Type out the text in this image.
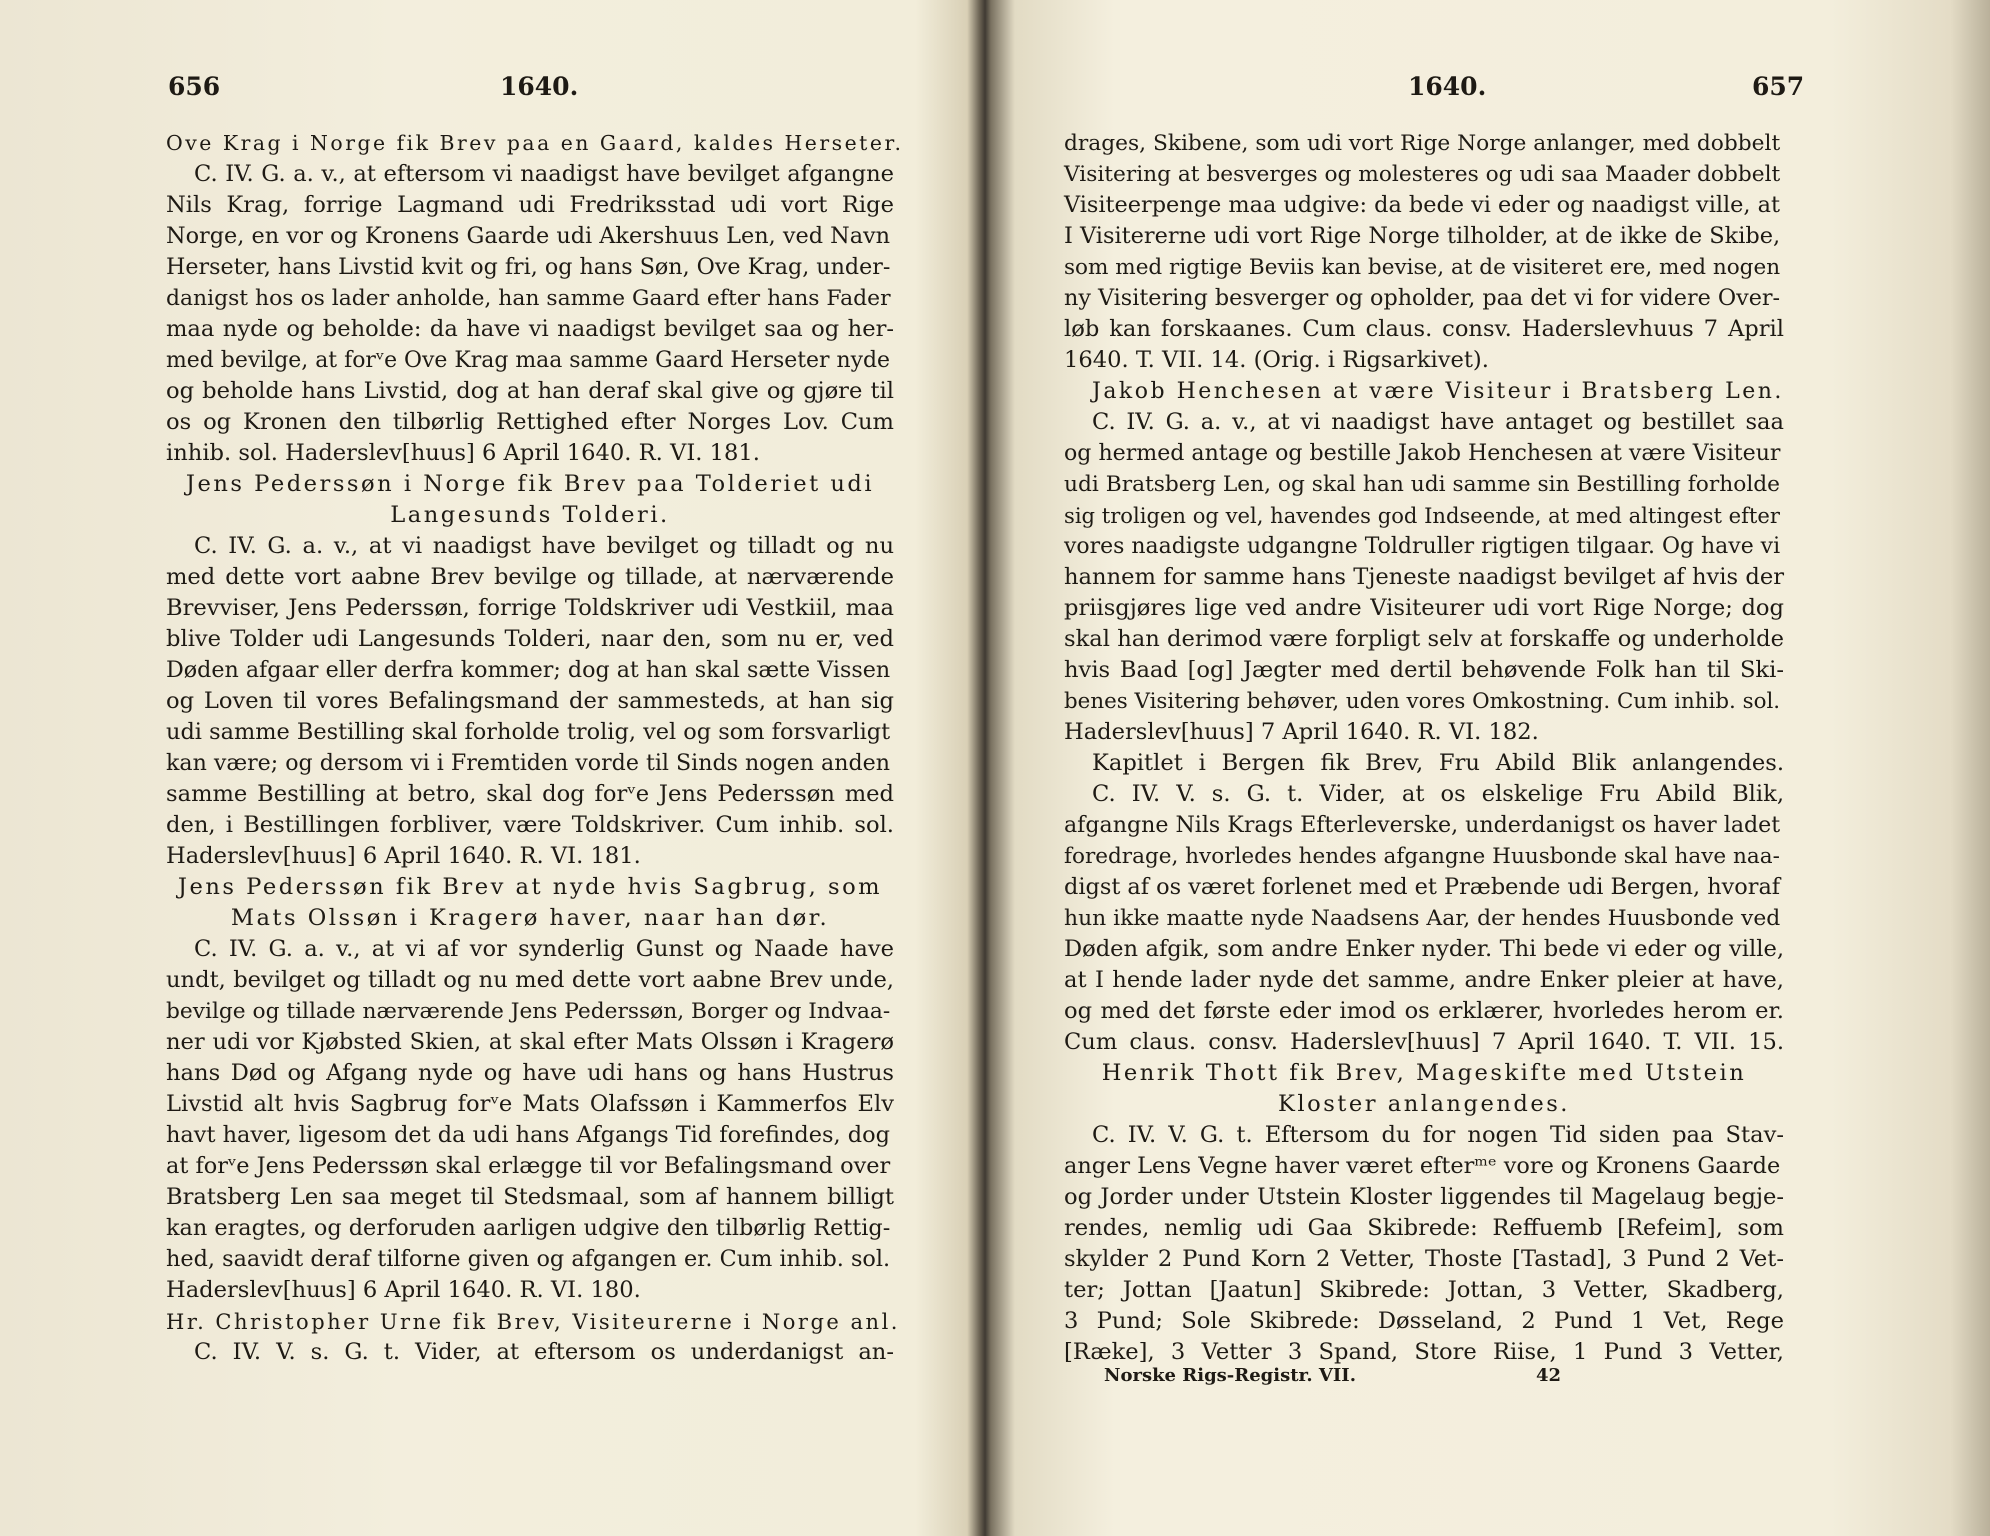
656	1640.
Ove Krag i Norge fik Brev paa en Gaard, kaldes Herseter.
C. IV. G. a. v., at eftersom vi naadigst have bevilget afgangne
Nils Krag, forrige Lagmand udi Fredriksstad udi vort Rige
Norge, en vor og Kronens Gaarde udi Akershuus Len, ved Navn
Herseter, hans Livstid kvit og fri, og hans Søn, Ove Krag, under-
danigst hos os lader anholde, han samme Gaard efter hans Fader
maa nyde og beholde: da have vi naadigst bevilget saa og her-
med bevilge, at forᵛe Ove Krag maa samme Gaard Herseter nyde
og beholde hans Livstid, dog at han deraf skal give og gjøre til
os og Kronen den tilbørlig Rettighed efter Norges Lov. Cum
inhib. sol. Haderslev[huus] 6 April 1640. R. VI. 181.
Jens Pederssøn i Norge fik Brev paa Tolderiet udi
Langesunds Tolderi.
C. IV. G. a. v., at vi naadigst have bevilget og tilladt og nu
med dette vort aabne Brev bevilge og tillade, at nærværende
Brevviser, Jens Pederssøn, forrige Toldskriver udi Vestkiil, maa
blive Tolder udi Langesunds Tolderi, naar den, som nu er, ved
Døden afgaar eller derfra kommer; dog at han skal sætte Vissen
og Loven til vores Befalingsmand der sammesteds, at han sig
udi samme Bestilling skal forholde trolig, vel og som forsvarligt
kan være; og dersom vi i Fremtiden vorde til Sinds nogen anden
samme Bestilling at betro, skal dog forᵛe Jens Pederssøn med
den, i Bestillingen forbliver, være Toldskriver. Cum inhib. sol.
Haderslev[huus] 6 April 1640. R. VI. 181.
Jens Pederssøn fik Brev at nyde hvis Sagbrug, som
Mats Olssøn i Kragerø haver, naar han dør.
C. IV. G. a. v., at vi af vor synderlig Gunst og Naade have
undt, bevilget og tilladt og nu med dette vort aabne Brev unde,
bevilge og tillade nærværende Jens Pederssøn, Borger og Indvaa-
ner udi vor Kjøbsted Skien, at skal efter Mats Olssøn i Kragerø
hans Død og Afgang nyde og have udi hans og hans Hustrus
Livstid alt hvis Sagbrug forᵛe Mats Olafssøn i Kammerfos Elv
havt haver, ligesom det da udi hans Afgangs Tid forefindes, dog
at forᵛe Jens Pederssøn skal erlægge til vor Befalingsmand over
Bratsberg Len saa meget til Stedsmaal, som af hannem billigt
kan eragtes, og derforuden aarligen udgive den tilbørlig Rettig-
hed, saavidt deraf tilforne given og afgangen er. Cum inhib. sol.
Haderslev[huus] 6 April 1640. R. VI. 180.
Hr. Christopher Urne fik Brev, Visiteurerne i Norge anl.
C. IV. V. s. G. t. Vider, at eftersom os underdanigst an-
1640.	657
drages, Skibene, som udi vort Rige Norge anlanger, med dobbelt
Visitering at besverges og molesteres og udi saa Maader dobbelt
Visiteerpenge maa udgive: da bede vi eder og naadigst ville, at
I Visitererne udi vort Rige Norge tilholder, at de ikke de Skibe,
som med rigtige Beviis kan bevise, at de visiteret ere, med nogen
ny Visitering besverger og opholder, paa det vi for videre Over-
løb kan forskaanes. Cum claus. consv. Haderslevhuus 7 April
1640. T. VII. 14. (Orig. i Rigsarkivet).
Jakob Henchesen at være Visiteur i Bratsberg Len.
C. IV. G. a. v., at vi naadigst have antaget og bestillet saa
og hermed antage og bestille Jakob Henchesen at være Visiteur
udi Bratsberg Len, og skal han udi samme sin Bestilling forholde
sig troligen og vel, havendes god Indseende, at med altingest efter
vores naadigste udgangne Toldruller rigtigen tilgaar. Og have vi
hannem for samme hans Tjeneste naadigst bevilget af hvis der
priisgjøres lige ved andre Visiteurer udi vort Rige Norge; dog
skal han derimod være forpligt selv at forskaffe og underholde
hvis Baad [og] Jægter med dertil behøvende Folk han til Ski-
benes Visitering behøver, uden vores Omkostning. Cum inhib. sol.
Haderslev[huus] 7 April 1640. R. VI. 182.
Kapitlet i Bergen fik Brev, Fru Abild Blik anlangendes.
C. IV. V. s. G. t. Vider, at os elskelige Fru Abild Blik,
afgangne Nils Krags Efterleverske, underdanigst os haver ladet
foredrage, hvorledes hendes afgangne Huusbonde skal have naa-
digst af os været forlenet med et Præbende udi Bergen, hvoraf
hun ikke maatte nyde Naadsens Aar, der hendes Huusbonde ved
Døden afgik, som andre Enker nyder. Thi bede vi eder og ville,
at I hende lader nyde det samme, andre Enker pleier at have,
og med det første eder imod os erklærer, hvorledes herom er.
Cum claus. consv. Haderslev[huus] 7 April 1640. T. VII. 15.
Henrik Thott fik Brev, Mageskifte med Utstein
Kloster anlangendes.
C. IV. V. G. t. Eftersom du for nogen Tid siden paa Stav-
anger Lens Vegne haver været efterᵐᵉ vore og Kronens Gaarde
og Jorder under Utstein Kloster liggendes til Magelaug begje-
rendes, nemlig udi Gaa Skibrede: Reffuemb [Refeim], som
skylder 2 Pund Korn 2 Vetter, Thoste [Tastad], 3 Pund 2 Vet-
ter; Jottan [Jaatun] Skibrede: Jottan, 3 Vetter, Skadberg,
3 Pund; Sole Skibrede: Døsseland, 2 Pund 1 Vet, Rege
[Ræke], 3 Vetter 3 Spand, Store Riise, 1 Pund 3 Vetter,
Norske Rigs-Registr. VII.	42
